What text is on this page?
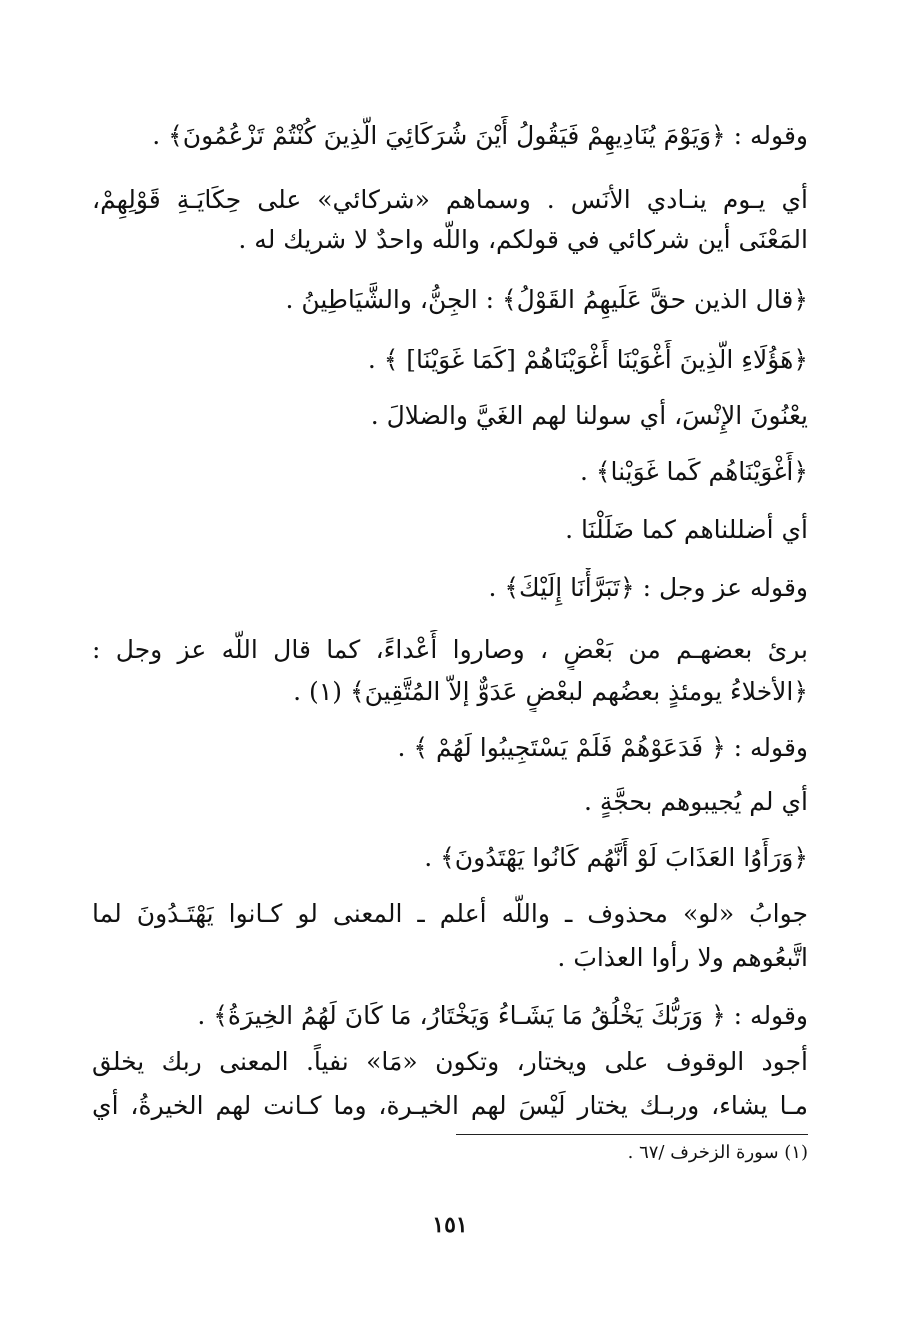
وقوله : ﴿وَيَوْمَ يُنَادِيهِمْ فَيَقُولُ أَيْنَ شُرَكَائِيَ الَّذِينَ كُنْتُمْ تَزْعُمُونَ﴾ .
أي يـوم ينـادي الأنَس . وسماهم «شركائي» على حِكَايَـةِ قَوْلِهِمْ،
المَعْنَى أين شركائي في قولكم، واللَّه واحدٌ لا شريك له .
﴿قال الذين حقَّ عَلَيهِمُ القَوْلُ﴾ : الجِنُّ، والشَّيَاطِينُ .
﴿هَؤُلَاءِ الَّذِينَ أَغْوَيْنَا أَغْوَيْنَاهُمْ [كَمَا غَوَيْنَا] ﴾ .
يعْنُونَ الإِنْسَ، أي سولنا لهم الغَيَّ والضلالَ .
﴿أَغْوَيْنَاهُم كَما غَوَيْنا﴾ .
أي أضللناهم كما ضَلَلْنَا .
وقوله عز وجل : ﴿تَبَرَّأْنَا إِلَيْكَ﴾ .
برئ بعضهـم من بَعْضٍ ، وصاروا أَعْداءً، كما قال اللَّه عز وجل :
﴿الأخلاءُ يومئذٍ بعضُهم لبعْضٍ عَدَوٌّ إلاّ المُتَّقِينَ﴾ (١) .
وقوله : ﴿ فَدَعَوْهُمْ فَلَمْ يَسْتَجِيبُوا لَهُمْ ﴾ .
أي لم يُجيبوهم بحجَّةٍ .
﴿وَرَأَوُا العَذَابَ لَوْ أَنَّهُم كَانُوا يَهْتَدُونَ﴾ .
جوابُ «لو» محذوف ـ واللَّه أعلم ـ المعنى لو كـانوا يَهْتَـدُونَ لما
اتَّبعُوهم ولا رأوا العذابَ .
وقوله : ﴿ وَرَبُّكَ يَخْلُقُ مَا يَشَـاءُ وَيَخْتَارُ، مَا كَانَ لَهُمُ الخِيرَةُ﴾ .
أجود الوقوف على ويختار، وتكون «مَا» نفياً. المعنى ربك يخلق
مـا يشاء، وربـك يختار لَيْسَ لهم الخيـرة، وما كـانت لهم الخيرةُ، أي
(١) سورة الزخرف /٦٧ .
١٥١
